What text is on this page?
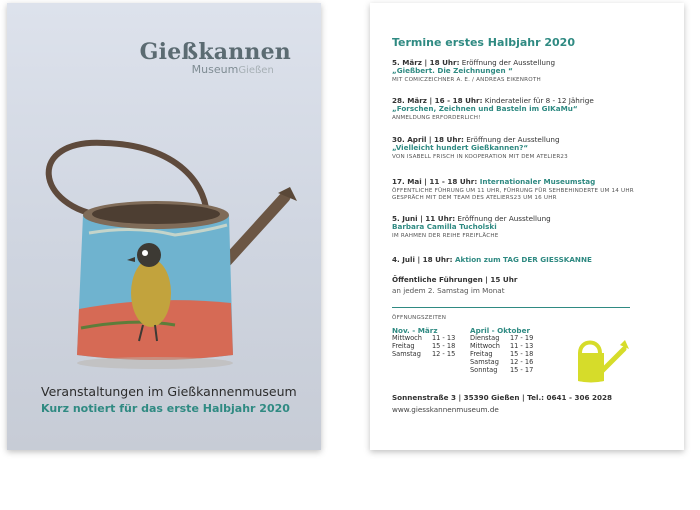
Gießkannen
MuseumGießen
Veranstaltungen im Gießkannenmuseum
Kurz notiert für das erste Halbjahr 2020
Termine erstes Halbjahr 2020
5. März | 18 Uhr: Eröffnung der Ausstellung
„Gießbert. Die Zeichnungen “
MIT COMICZEICHNER A. E. / ANDREAS EIKENROTH
28. März | 16 - 18 Uhr: Kinderatelier für 8 - 12 Jährige
„Forschen, Zeichnen und Basteln im GIKaMu“
ANMELDUNG ERFORDERLICH!
30. April | 18 Uhr: Eröffnung der Ausstellung
„Vielleicht hundert Gießkannen?“
VON ISABELL FRISCH IN KOOPERATION MIT DEM ATELIER23
17. Mai | 11 - 18 Uhr: Internationaler Museumstag
ÖFFENTLICHE FÜHRUNG UM 11 UHR, FÜHRUNG FÜR SEHBEHINDERTE UM 14 UHR
GESPRÄCH MIT DEM TEAM DES ATELIERS23 UM 16 UHR
5. Juni | 11 Uhr: Eröffnung der Ausstellung
Barbara Camilla Tucholski
IM RAHMEN DER REIHE FREIFLÄCHE
4. Juli | 18 Uhr: Aktion zum TAG DER GIESSKANNE
Öffentliche Führungen | 15 Uhr
an jedem 2. Samstag im Monat
ÖFFNUNGSZEITEN
Nov. - März
Mittwoch	11 - 13
Freitag	15 - 18
Samstag	12 - 15
April - Oktober
Dienstag	17 - 19
Mittwoch	11 - 13
Freitag	15 - 18
Samstag	12 - 16
Sonntag	15 - 17
Sonnenstraße 3 | 35390 Gießen | Tel.: 0641 - 306 2028
www.giesskannenmuseum.de
